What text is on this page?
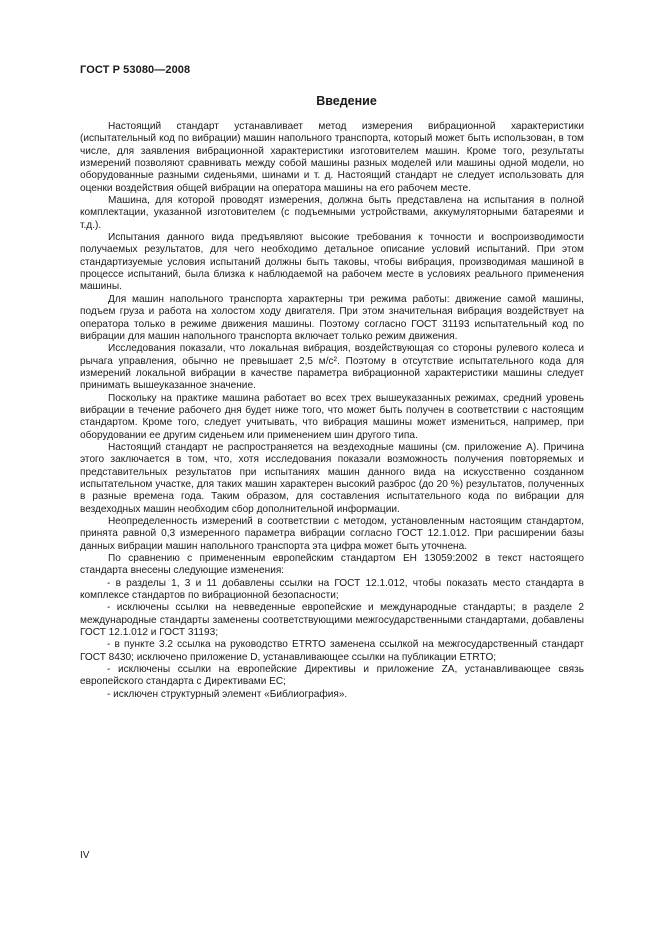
ГОСТ Р 53080—2008
Введение

Настоящий стандарт устанавливает метод измерения вибрационной характеристики (испытательный код по вибрации) машин напольного транспорта, который может быть использован, в том числе, для заявления вибрационной характеристики изготовителем машин. Кроме того, результаты измерений позволяют сравнивать между собой машины разных моделей или машины одной модели, но оборудованные разными сиденьями, шинами и т. д. Настоящий стандарт не следует использовать для оценки воздействия общей вибрации на оператора машины на его рабочем месте.

Машина, для которой проводят измерения, должна быть представлена на испытания в полной комплектации, указанной изготовителем (с подъемными устройствами, аккумуляторными батареями и т.д.).

Испытания данного вида предъявляют высокие требования к точности и воспроизводимости получаемых результатов, для чего необходимо детальное описание условий испытаний. При этом стандартизуемые условия испытаний должны быть таковы, чтобы вибрация, производимая машиной в процессе испытаний, была близка к наблюдаемой на рабочем месте в условиях реального применения машины.

Для машин напольного транспорта характерны три режима работы: движение самой машины, подъем груза и работа на холостом ходу двигателя. При этом значительная вибрация воздействует на оператора только в режиме движения машины. Поэтому согласно ГОСТ 31193 испытательный код по вибрации для машин напольного транспорта включает только режим движения.

Исследования показали, что локальная вибрация, воздействующая со стороны рулевого колеса и рычага управления, обычно не превышает 2,5 м/с². Поэтому в отсутствие испытательного кода для измерений локальной вибрации в качестве параметра вибрационной характеристики машины следует принимать вышеуказанное значение.

Поскольку на практике машина работает во всех трех вышеуказанных режимах, средний уровень вибрации в течение рабочего дня будет ниже того, что может быть получен в соответствии с настоящим стандартом. Кроме того, следует учитывать, что вибрация машины может измениться, например, при оборудовании ее другим сиденьем или применением шин другого типа.

Настоящий стандарт не распространяется на вездеходные машины (см. приложение А). Причина этого заключается в том, что, хотя исследования показали возможность получения повторяемых и представительных результатов при испытаниях машин данного вида на искусственно созданном испытательном участке, для таких машин характерен высокий разброс (до 20 %) результатов, полученных в разные времена года. Таким образом, для составления испытательного кода по вибрации для вездеходных машин необходим сбор дополнительной информации.

Неопределенность измерений в соответствии с методом, установленным настоящим стандартом, принята равной 0,3 измеренного параметра вибрации согласно ГОСТ 12.1.012. При расширении базы данных вибрации машин напольного транспорта эта цифра может быть уточнена.

По сравнению с примененным европейским стандартом ЕН 13059:2002 в текст настоящего стандарта внесены следующие изменения:

- в разделы 1, 3 и 11 добавлены ссылки на ГОСТ 12.1.012, чтобы показать место стандарта в комплексе стандартов по вибрационной безопасности;

- исключены ссылки на невведенные европейские и международные стандарты; в разделе 2 международные стандарты заменены соответствующими межгосударственными стандартами, добавлены ГОСТ 12.1.012 и ГОСТ 31193;

- в пункте 3.2 ссылка на руководство ETRTO заменена ссылкой на межгосударственный стандарт ГОСТ 8430; исключено приложение D, устанавливающее ссылки на публикации ETRTO;

- исключены ссылки на европейские Директивы и приложение ZA, устанавливающее связь европейского стандарта с Директивами ЕС;

- исключен структурный элемент «Библиография».

IV
